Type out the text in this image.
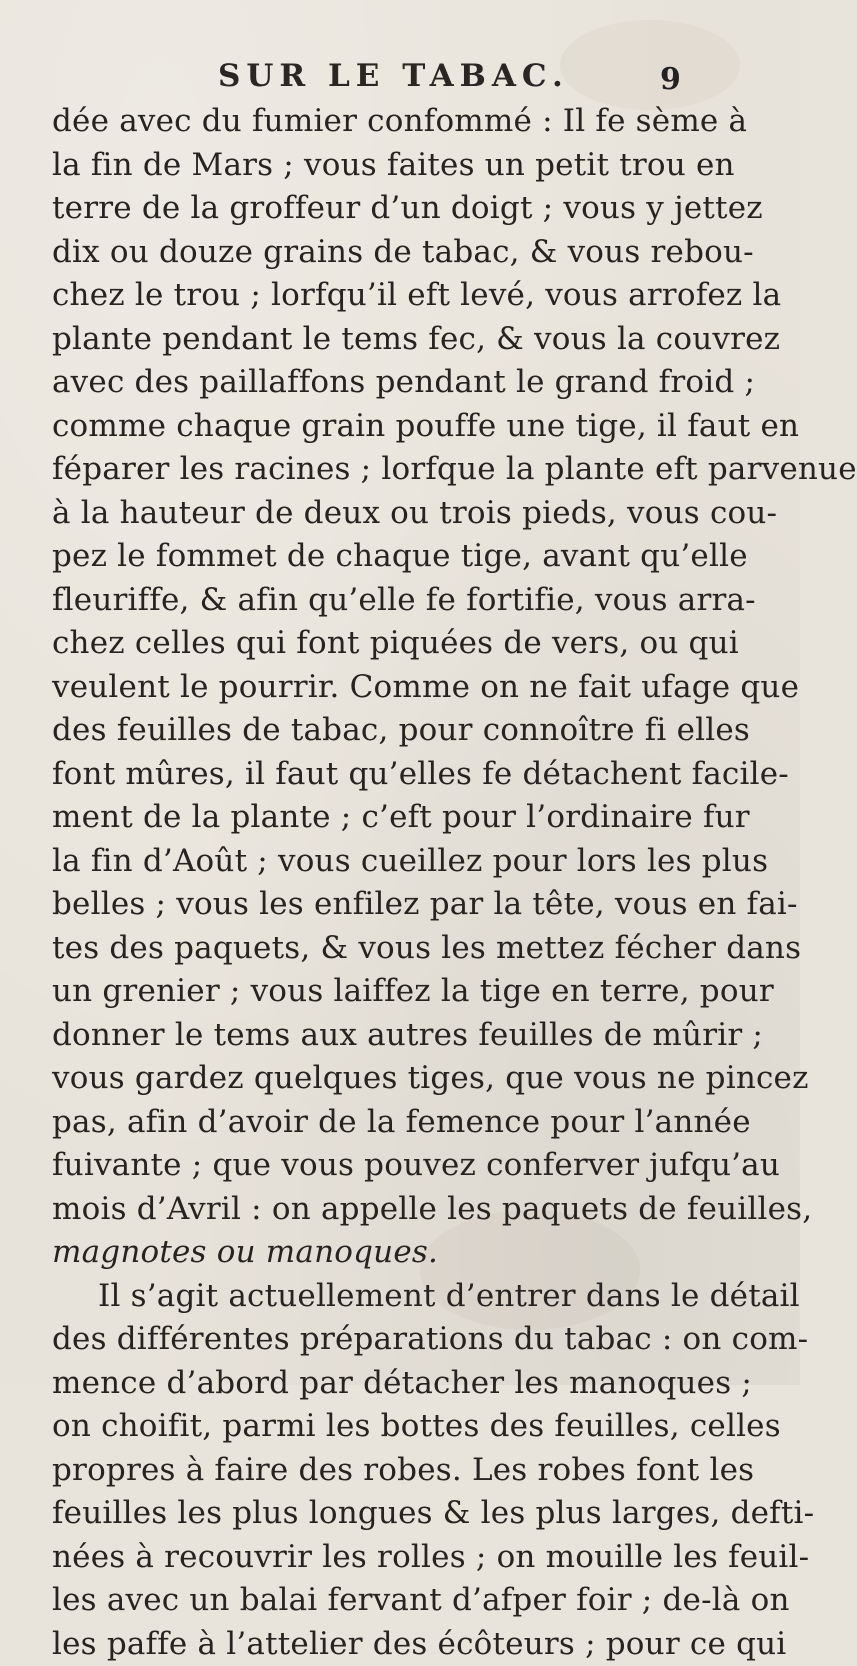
SUR LE TABAC.	9
dée avec du fumier confommé : Il fe sème à
la fin de Mars ; vous faites un petit trou en
terre de la groffeur d’un doigt ; vous y jettez
dix ou douze grains de tabac, & vous rebou-
chez le trou ; lorfqu’il eft levé, vous arrofez la
plante pendant le tems fec, & vous la couvrez
avec des paillaffons pendant le grand froid ;
comme chaque grain pouffe une tige, il faut en
féparer les racines ; lorfque la plante eft parvenue
à la hauteur de deux ou trois pieds, vous cou-
pez le fommet de chaque tige, avant qu’elle
fleuriffe, & afin qu’elle fe fortifie, vous arra-
chez celles qui font piquées de vers, ou qui
veulent le pourrir. Comme on ne fait ufage que
des feuilles de tabac, pour connoître fi elles
font mûres, il faut qu’elles fe détachent facile-
ment de la plante ; c’eft pour l’ordinaire fur
la fin d’Août ; vous cueillez pour lors les plus
belles ; vous les enfilez par la tête, vous en fai-
tes des paquets, & vous les mettez fécher dans
un grenier ; vous laiffez la tige en terre, pour
donner le tems aux autres feuilles de mûrir ;
vous gardez quelques tiges, que vous ne pincez
pas, afin d’avoir de la femence pour l’année
fuivante ; que vous pouvez conferver jufqu’au
mois d’Avril : on appelle les paquets de feuilles,
magnotes ou manoques.
Il s’agit actuellement d’entrer dans le détail
des différentes préparations du tabac : on com-
mence d’abord par détacher les manoques ;
on choifit, parmi les bottes des feuilles, celles
propres à faire des robes. Les robes font les
feuilles les plus longues & les plus larges, defti-
nées à recouvrir les rolles ; on mouille les feuil-
les avec un balai fervant d’afper foir ; de-là on
les paffe à l’attelier des écôteurs ; pour ce qui
